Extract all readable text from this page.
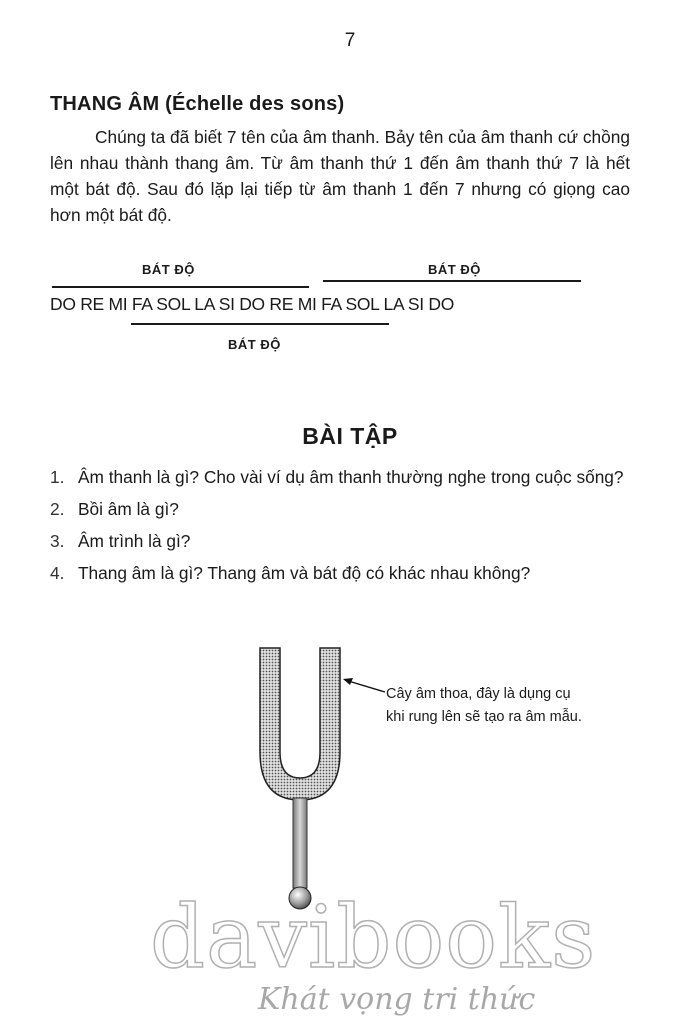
7
THANG ÂM (Échelle des sons)

Chúng ta đã biết 7 tên của âm thanh. Bảy tên của âm thanh cứ chồng lên nhau thành thang âm. Từ âm thanh thứ 1 đến âm thanh thứ 7 là hết một bát độ. Sau đó lặp lại tiếp từ âm thanh 1 đến 7 nhưng có giọng cao hơn một bát độ.

BÁT ĐỘ	BÁT ĐỘ
DO RE MI FA SOL LA SI DO RE MI FA SOL LA SI DO
BÁT ĐỘ
BÀI TẬP
1. Âm thanh là gì? Cho vài ví dụ âm thanh thường nghe trong cuộc sống?
2. Bồi âm là gì?
3. Âm trình là gì?
4. Thang âm là gì? Thang âm và bát độ có khác nhau không?
Cây âm thoa, đây là dụng cụ khi rung lên sẽ tạo ra âm mẫu.
davibooks
Khát vọng tri thức
